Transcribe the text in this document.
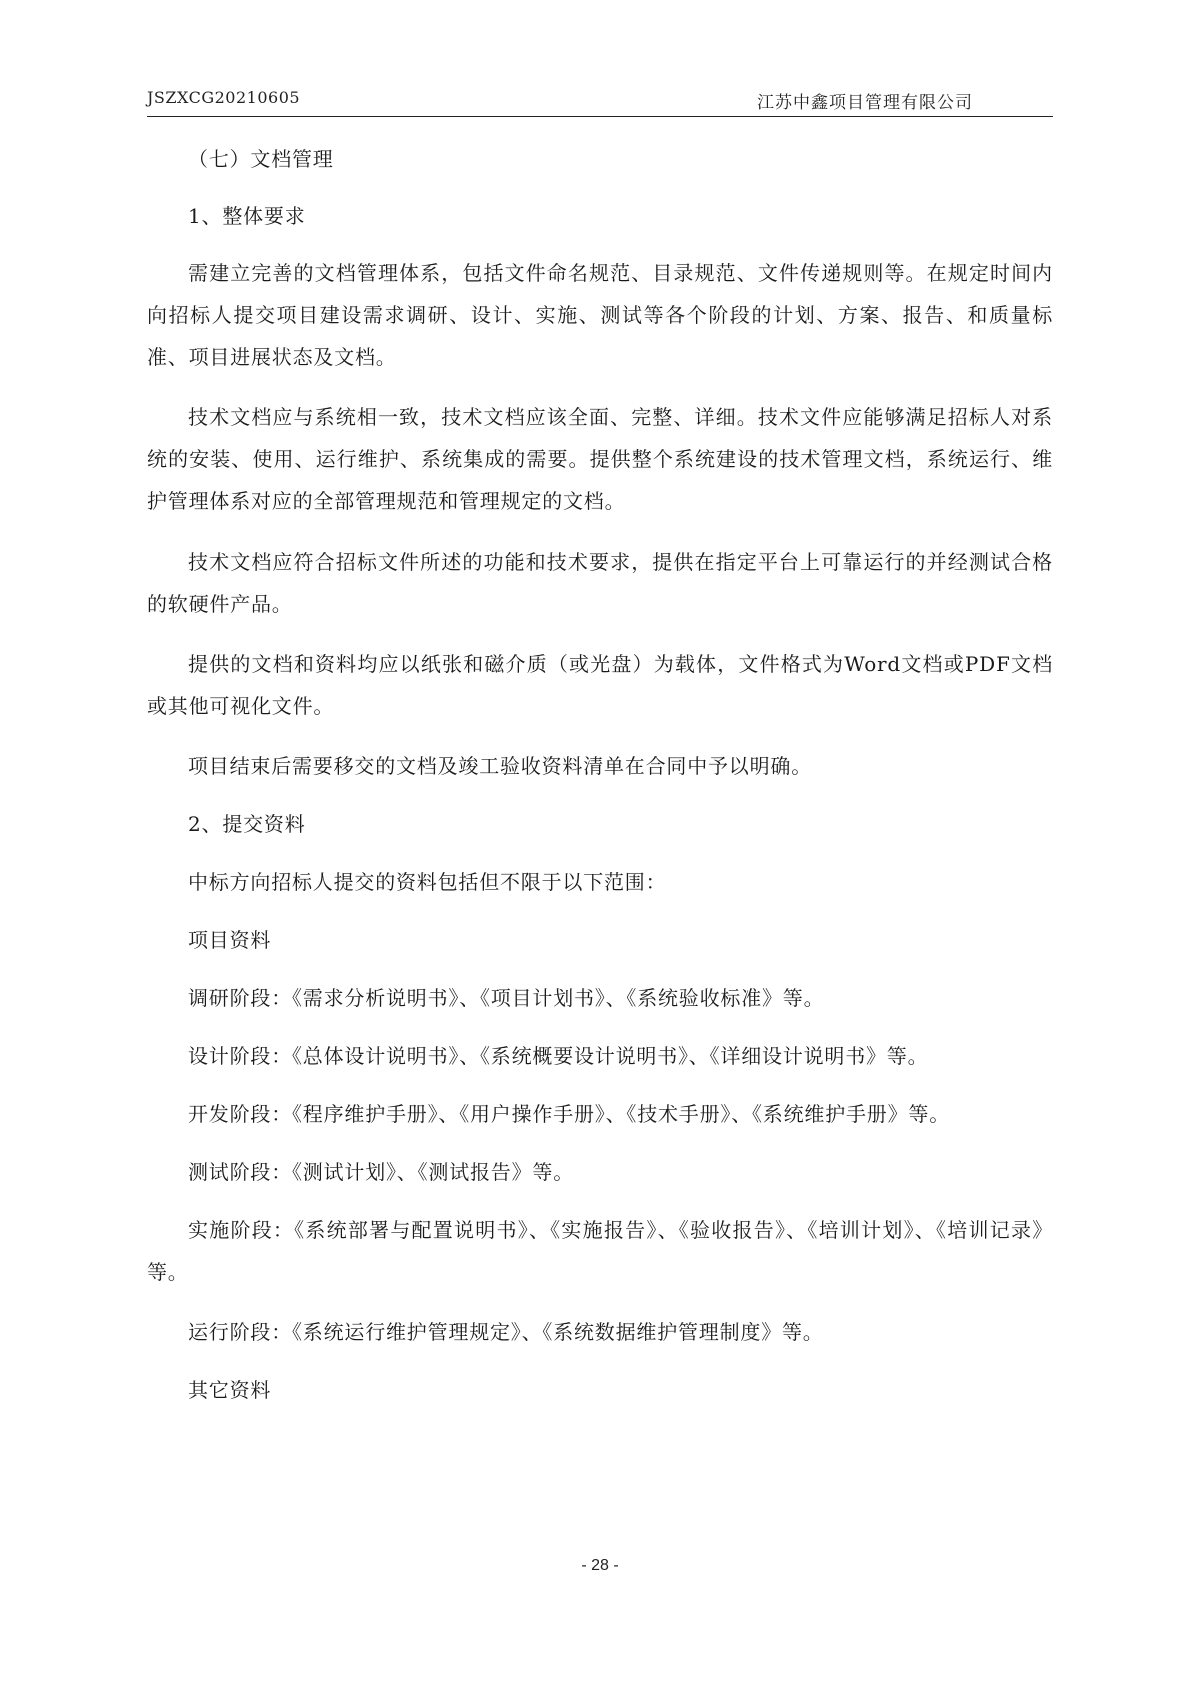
JSZXCG20210605	江苏中鑫项目管理有限公司

（七）文档管理

1、整体要求

需建立完善的文档管理体系，包括文件命名规范、目录规范、文件传递规则等。在规定时间内向招标人提交项目建设需求调研、设计、实施、测试等各个阶段的计划、方案、报告、和质量标准、项目进展状态及文档。

技术文档应与系统相一致，技术文档应该全面、完整、详细。技术文件应能够满足招标人对系统的安装、使用、运行维护、系统集成的需要。提供整个系统建设的技术管理文档，系统运行、维护管理体系对应的全部管理规范和管理规定的文档。

技术文档应符合招标文件所述的功能和技术要求，提供在指定平台上可靠运行的并经测试合格的软硬件产品。

提供的文档和资料均应以纸张和磁介质（或光盘）为载体，文件格式为Word文档或PDF文档或其他可视化文件。

项目结束后需要移交的文档及竣工验收资料清单在合同中予以明确。

2、提交资料

中标方向招标人提交的资料包括但不限于以下范围：

项目资料

调研阶段：《需求分析说明书》、《项目计划书》、《系统验收标准》等。

设计阶段：《总体设计说明书》、《系统概要设计说明书》、《详细设计说明书》等。

开发阶段：《程序维护手册》、《用户操作手册》、《技术手册》、《系统维护手册》等。

测试阶段：《测试计划》、《测试报告》等。

实施阶段：《系统部署与配置说明书》、《实施报告》、《验收报告》、《培训计划》、《培训记录》等。

运行阶段：《系统运行维护管理规定》、《系统数据维护管理制度》等。

其它资料

- 28 -
